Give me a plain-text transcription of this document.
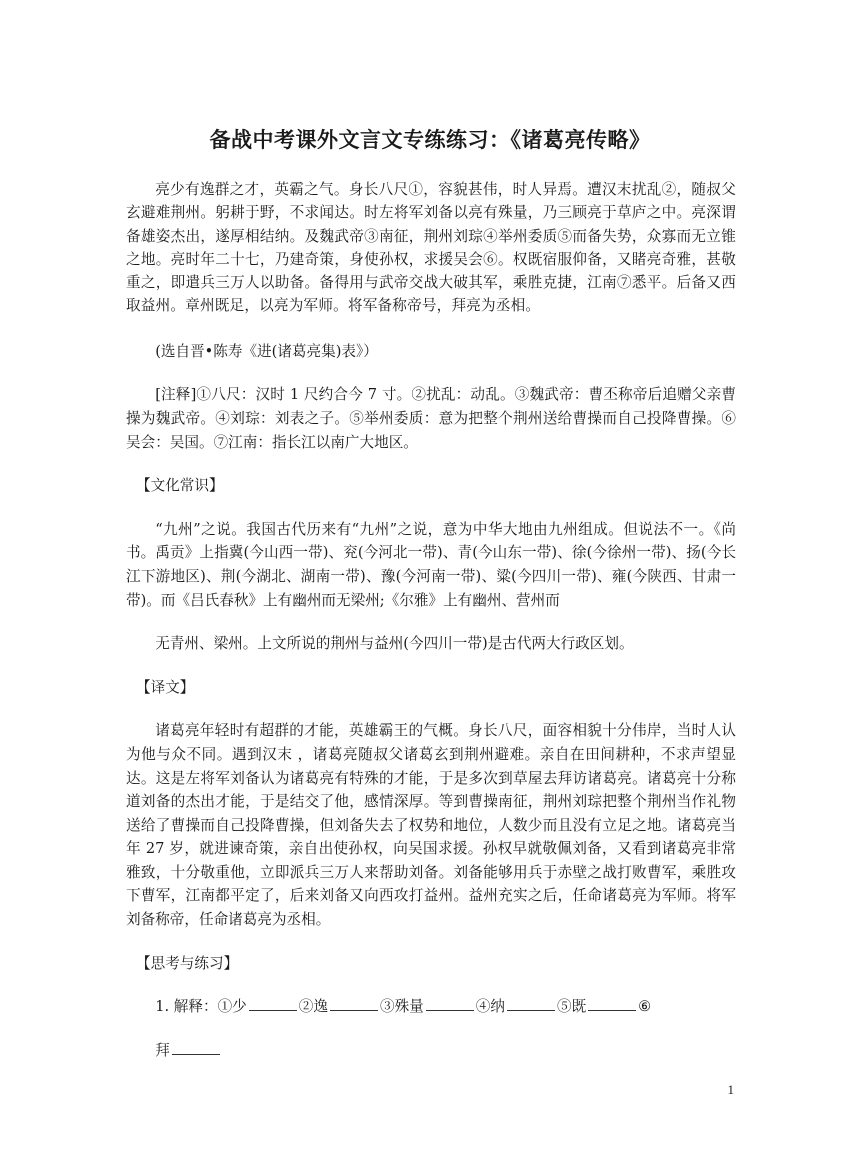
备战中考课外文言文专练练习：《诸葛亮传略》

亮少有逸群之才，英霸之气。身长八尺①，容貌甚伟，时人异焉。遭汉末扰乱②，随叔父玄避难荆州。躬耕于野，不求闻达。时左将军刘备以亮有殊量，乃三顾亮于草庐之中。亮深谓备雄姿杰出，遂厚相结纳。及魏武帝③南征，荆州刘琮④举州委质⑤而备失势，众寡而无立锥之地。亮时年二十七，乃建奇策，身使孙权，求援吴会⑥。权既宿服仰备，又睹亮奇雅，甚敬重之，即遣兵三万人以助备。备得用与武帝交战大破其军，乘胜克捷，江南⑦悉平。后备又西取益州。章州既足，以亮为军师。将军备称帝号，拜亮为丞相。

(选自晋•陈寿《进(诸葛亮集)表》）

[注释]①八尺：汉时 1 尺约合今 7 寸。②扰乱：动乱。③魏武帝：曹丕称帝后追赠父亲曹操为魏武帝。④刘琮：刘表之子。⑤举州委质：意为把整个荆州送给曹操而自己投降曹操。⑥吴会：吴国。⑦江南：指长江以南广大地区。

【文化常识】

“九州”之说。我国古代历来有“九州”之说，意为中华大地由九州组成。但说法不一。《尚书。禹贡》上指冀(今山西一带)、兖(今河北一带)、青(今山东一带)、徐(今徐州一带)、扬(今长江下游地区)、荆(今湖北、湖南一带)、豫(今河南一带)、粱(今四川一带)、雍(今陕西、甘肃一带)。而《吕氏春秋》上有幽州而无梁州;《尔雅》上有幽州、营州而

无青州、梁州。上文所说的荆州与益州(今四川一带)是古代两大行政区划。

【译文】

诸葛亮年轻时有超群的才能，英雄霸王的气概。身长八尺，面容相貌十分伟岸，当时人认为他与众不同。遇到汉末 ，诸葛亮随叔父诸葛玄到荆州避难。亲自在田间耕种，不求声望显达。这是左将军刘备认为诸葛亮有特殊的才能，于是多次到草屋去拜访诸葛亮。诸葛亮十分称道刘备的杰出才能，于是结交了他，感情深厚。等到曹操南征，荆州刘琮把整个荆州当作礼物送给了曹操而自己投降曹操，但刘备失去了权势和地位，人数少而且没有立足之地。诸葛亮当年 27 岁，就进谏奇策，亲自出使孙权，向吴国求援。孙权早就敬佩刘备，又看到诸葛亮非常雅致，十分敬重他，立即派兵三万人来帮助刘备。刘备能够用兵于赤壁之战打败曹军，乘胜攻下曹军，江南都平定了，后来刘备又向西攻打益州。益州充实之后，任命诸葛亮为军师。将军刘备称帝，任命诸葛亮为丞相。

【思考与练习】

1. 解释：①少	②逸	③殊量	④纳	⑤既	⑥
拜
1
